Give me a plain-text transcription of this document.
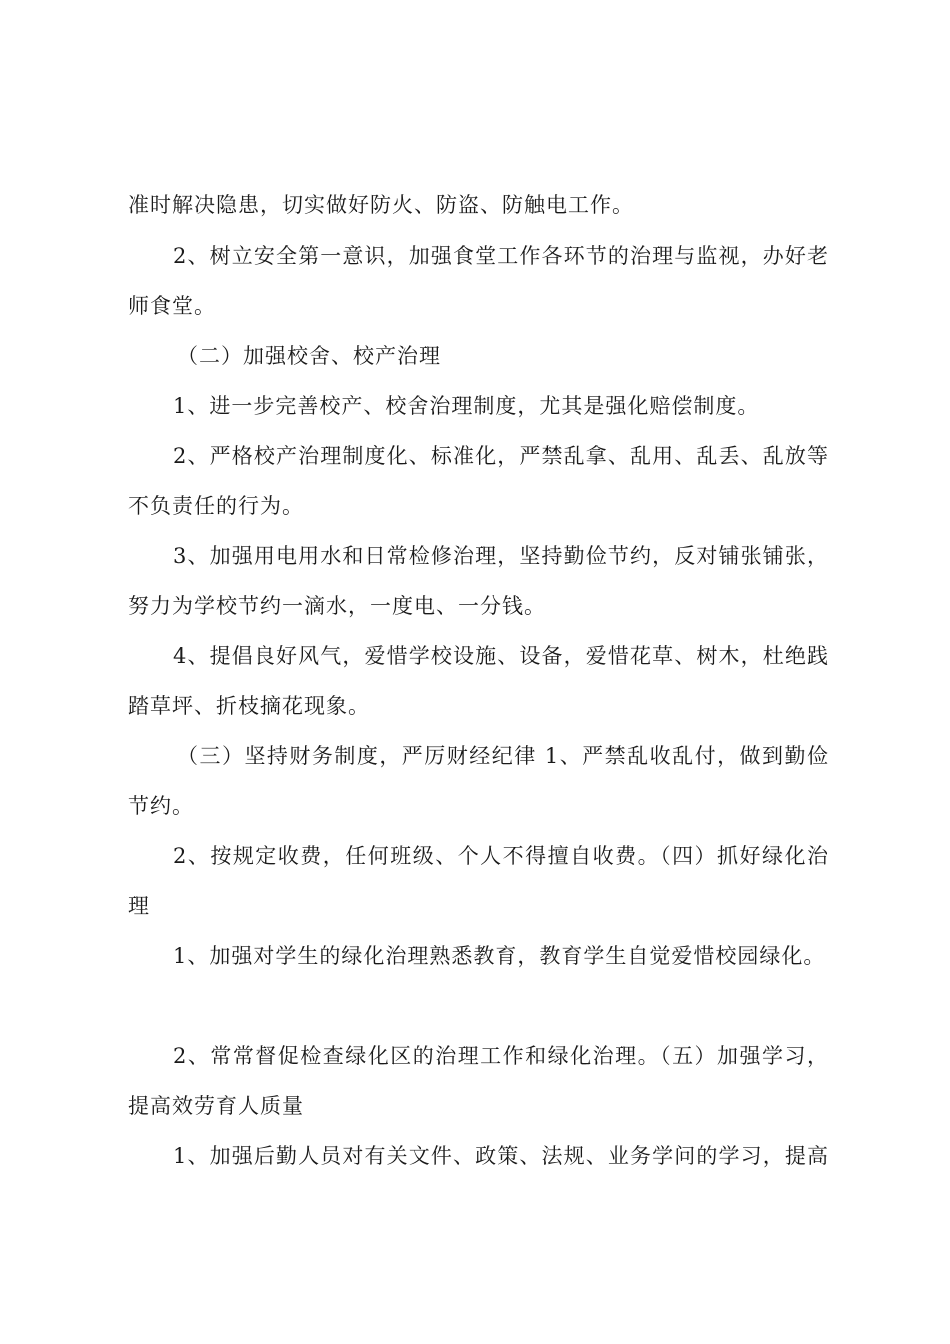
准时解决隐患，切实做好防火、防盗、防触电工作。
2、树立安全第一意识，加强食堂工作各环节的治理与监视，办好老
师食堂。
（二）加强校舍、校产治理
1、进一步完善校产、校舍治理制度，尤其是强化赔偿制度。
2、严格校产治理制度化、标准化，严禁乱拿、乱用、乱丢、乱放等
不负责任的行为。
3、加强用电用水和日常检修治理，坚持勤俭节约，反对铺张铺张，
努力为学校节约一滴水，一度电、一分钱。
4、提倡良好风气，爱惜学校设施、设备，爱惜花草、树木，杜绝践
踏草坪、折枝摘花现象。
（三）坚持财务制度，严厉财经纪律 1、严禁乱收乱付，做到勤俭
节约。
2、按规定收费，任何班级、个人不得擅自收费。（四）抓好绿化治
理
1、加强对学生的绿化治理熟悉教育，教育学生自觉爱惜校园绿化。
2、常常督促检查绿化区的治理工作和绿化治理。（五）加强学习，
提高效劳育人质量
1、加强后勤人员对有关文件、政策、法规、业务学问的学习，提高
